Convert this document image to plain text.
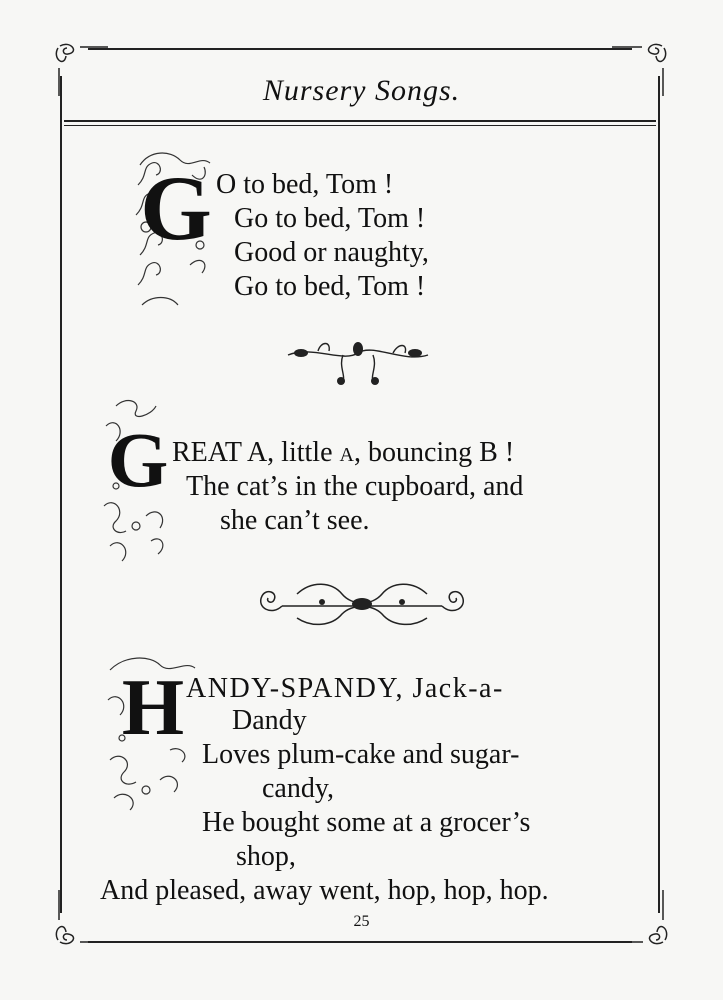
Nursery Songs.
G O to bed, Tom !
Go to bed, Tom !
Good or naughty,
Go to bed, Tom !
G REAT A, little a, bouncing B !
The cat’s in the cupboard, and
she can’t see.
H ANDY-SPANDY, Jack-a-
Dandy
Loves plum-cake and sugar-
candy,
He bought some at a grocer’s
shop,
And pleased, away went, hop, hop, hop.
25
